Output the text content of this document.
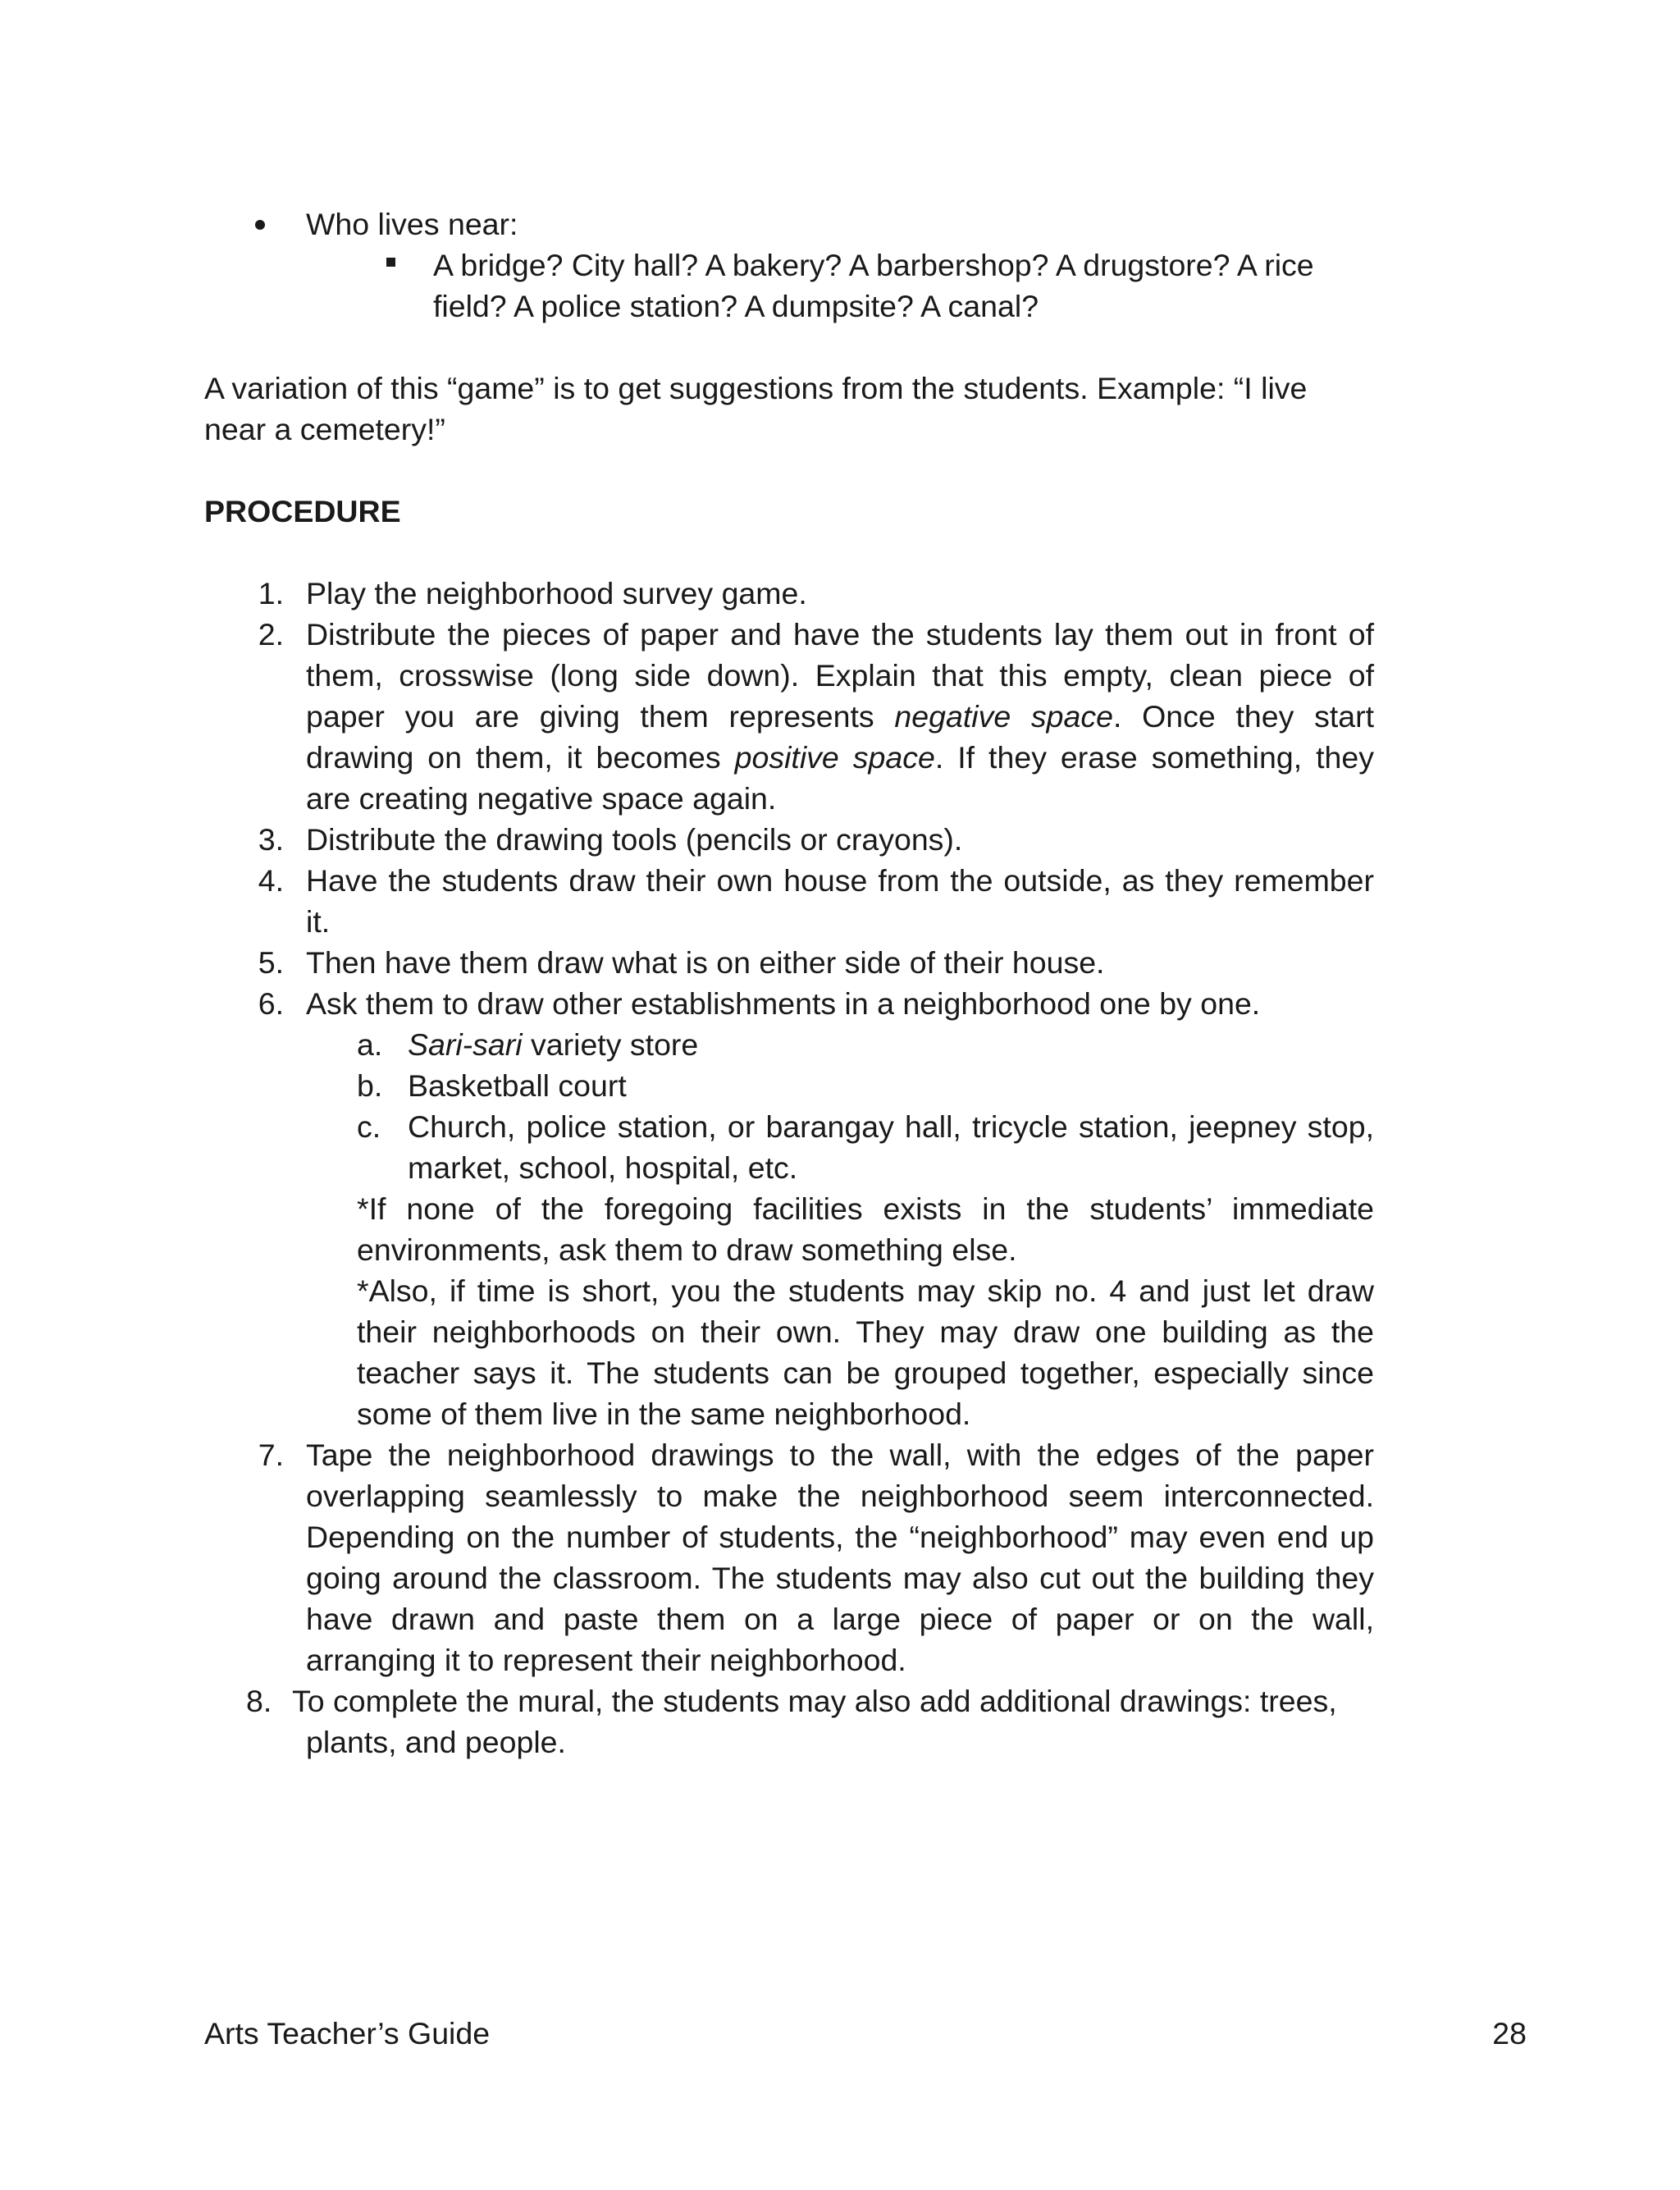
Who lives near:
A bridge? City hall? A bakery? A barbershop? A drugstore? A rice
field? A police station? A dumpsite? A canal?
A variation of this “game” is to get suggestions from the students. Example: “I live
near a cemetery!”
PROCEDURE
1. Play the neighborhood survey game.
2. Distribute the pieces of paper and have the students lay them out in front of
them, crosswise (long side down). Explain that this empty, clean piece of
paper you are giving them represents negative space. Once they start
drawing on them, it becomes positive space. If they erase something, they
are creating negative space again.
3. Distribute the drawing tools (pencils or crayons).
4. Have the students draw their own house from the outside, as they remember
it.
5. Then have them draw what is on either side of their house.
6. Ask them to draw other establishments in a neighborhood one by one.
a. Sari-sari variety store
b. Basketball court
c. Church, police station, or barangay hall, tricycle station, jeepney stop,
market, school, hospital, etc.
*If none of the foregoing facilities exists in the students’ immediate
environments, ask them to draw something else.
*Also, if time is short, you the students may skip no. 4 and just let draw
their neighborhoods on their own. They may draw one building as the
teacher says it. The students can be grouped together, especially since
some of them live in the same neighborhood.
7. Tape the neighborhood drawings to the wall, with the edges of the paper
overlapping seamlessly to make the neighborhood seem interconnected.
Depending on the number of students, the “neighborhood” may even end up
going around the classroom. The students may also cut out the building they
have drawn and paste them on a large piece of paper or on the wall,
arranging it to represent their neighborhood.
8. To complete the mural, the students may also add additional drawings: trees,
plants, and people.
Arts Teacher’s Guide	28
